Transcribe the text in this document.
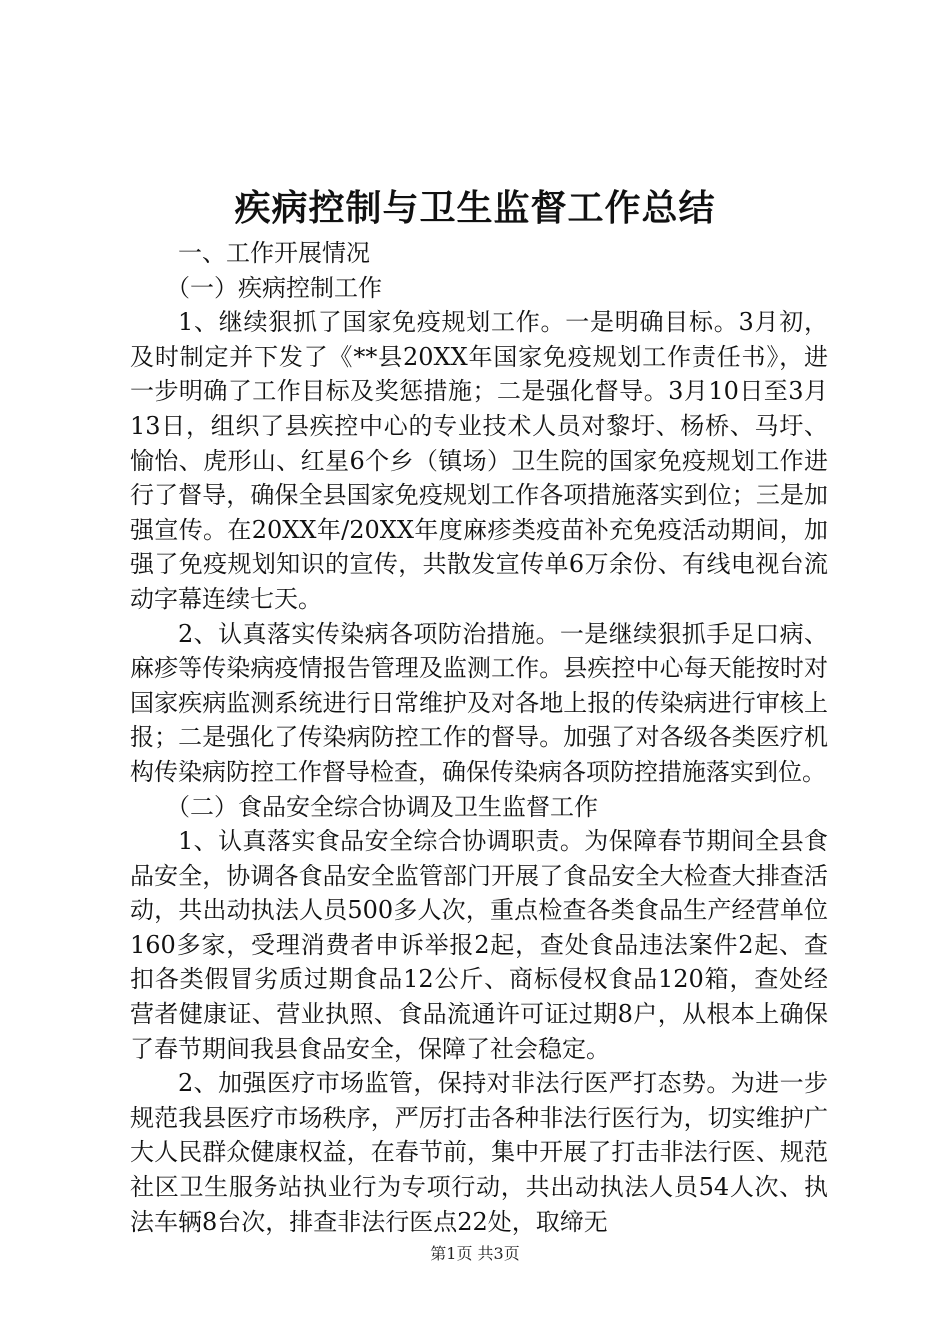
疾病控制与卫生监督工作总结

一、工作开展情况

（一）疾病控制工作

1、继续狠抓了国家免疫规划工作。一是明确目标。3月初，及时制定并下发了《**县20XX年国家免疫规划工作责任书》，进一步明确了工作目标及奖惩措施；二是强化督导。3月10日至3月13日，组织了县疾控中心的专业技术人员对黎圩、杨桥、马圩、愉怡、虎形山、红星6个乡（镇场）卫生院的国家免疫规划工作进行了督导，确保全县国家免疫规划工作各项措施落实到位；三是加强宣传。在20XX年/20XX年度麻疹类疫苗补充免疫活动期间，加强了免疫规划知识的宣传，共散发宣传单6万余份、有线电视台流动字幕连续七天。

2、认真落实传染病各项防治措施。一是继续狠抓手足口病、麻疹等传染病疫情报告管理及监测工作。县疾控中心每天能按时对国家疾病监测系统进行日常维护及对各地上报的传染病进行审核上报；二是强化了传染病防控工作的督导。加强了对各级各类医疗机构传染病防控工作督导检查，确保传染病各项防控措施落实到位。

（二）食品安全综合协调及卫生监督工作

1、认真落实食品安全综合协调职责。为保障春节期间全县食品安全，协调各食品安全监管部门开展了食品安全大检查大排查活动，共出动执法人员500多人次，重点检查各类食品生产经营单位160多家，受理消费者申诉举报2起，查处食品违法案件2起、查扣各类假冒劣质过期食品12公斤、商标侵权食品120箱，查处经营者健康证、营业执照、食品流通许可证过期8户，从根本上确保了春节期间我县食品安全，保障了社会稳定。

2、加强医疗市场监管，保持对非法行医严打态势。为进一步规范我县医疗市场秩序，严厉打击各种非法行医行为，切实维护广大人民群众健康权益，在春节前，集中开展了打击非法行医、规范社区卫生服务站执业行为专项行动，共出动执法人员54人次、执法车辆8台次，排查非法行医点22处，取缔无

第1页 共3页
